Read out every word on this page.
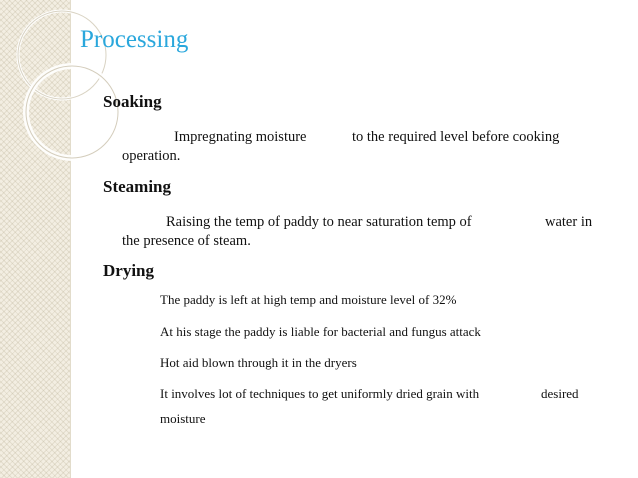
Processing
Soaking
Impregnating moisture	to the required level before cooking
operation.
Steaming
Raising the temp of paddy to near saturation temp of	water in
the presence of steam.
Drying

The paddy is left at high temp and moisture level of 32%

At his stage the paddy is liable for bacterial and fungus attack

Hot aid blown through it in the dryers

It involves lot of techniques to get uniformly dried grain with	desired

moisture
